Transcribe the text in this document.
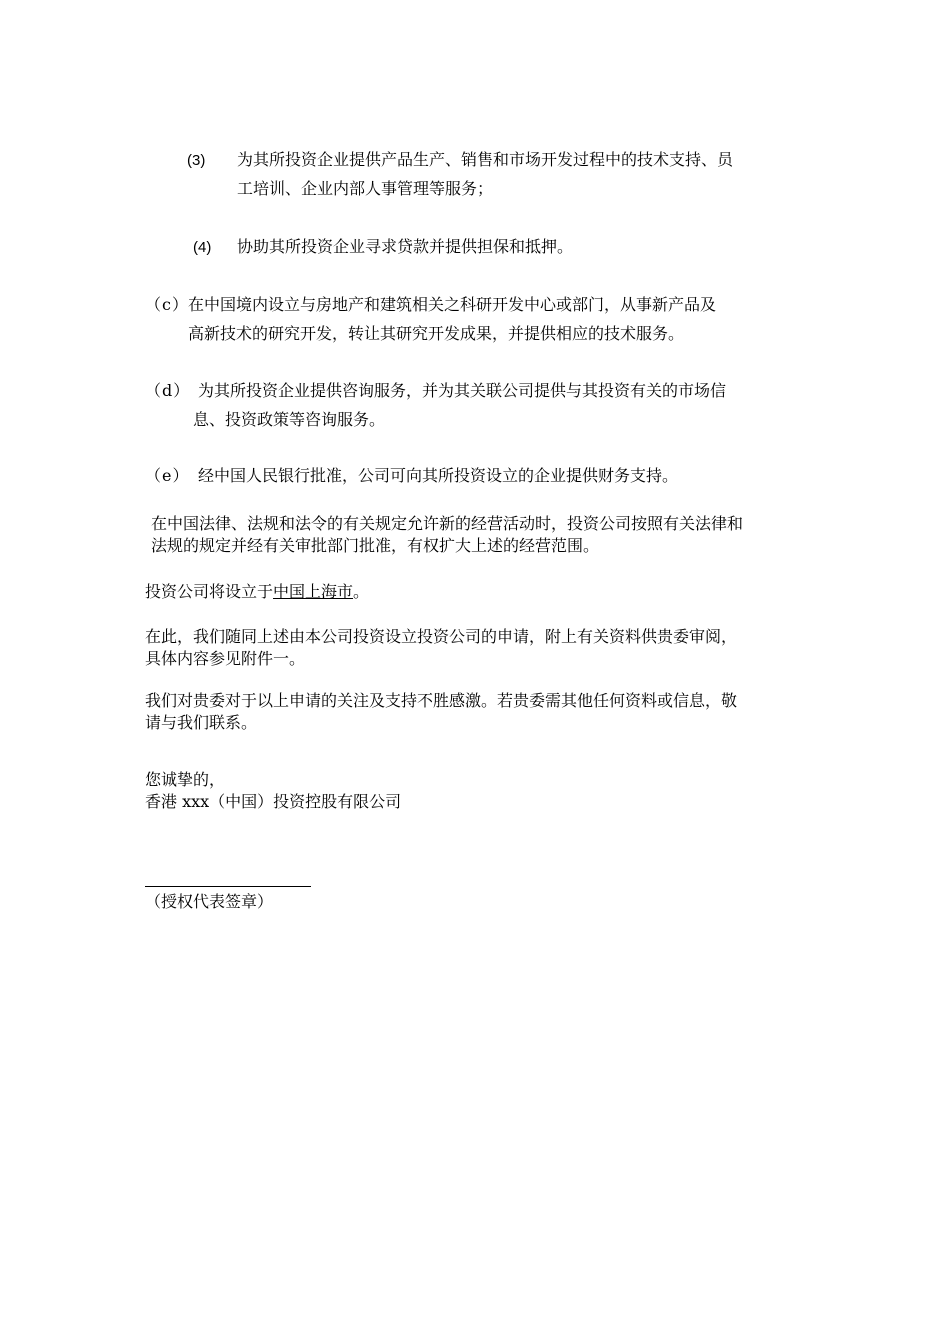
(3) 为其所投资企业提供产品生产、销售和市场开发过程中的技术支持、员
工培训、企业内部人事管理等服务；
(4) 协助其所投资企业寻求贷款并提供担保和抵押。
（c） 在中国境内设立与房地产和建筑相关之科研开发中心或部门，从事新产品及
高新技术的研究开发，转让其研究开发成果，并提供相应的技术服务。
（d） 为其所投资企业提供咨询服务，并为其关联公司提供与其投资有关的市场信
息、投资政策等咨询服务。
（e） 经中国人民银行批准，公司可向其所投资设立的企业提供财务支持。
在中国法律、法规和法令的有关规定允许新的经营活动时，投资公司按照有关法律和
法规的规定并经有关审批部门批准，有权扩大上述的经营范围。
投资公司将设立于中国上海市。
在此，我们随同上述由本公司投资设立投资公司的申请，附上有关资料供贵委审阅，
具体内容参见附件一。
我们对贵委对于以上申请的关注及支持不胜感激。若贵委需其他任何资料或信息，敬
请与我们联系。
您诚挚的，
香港 xxx（中国）投资控股有限公司
（授权代表签章）
